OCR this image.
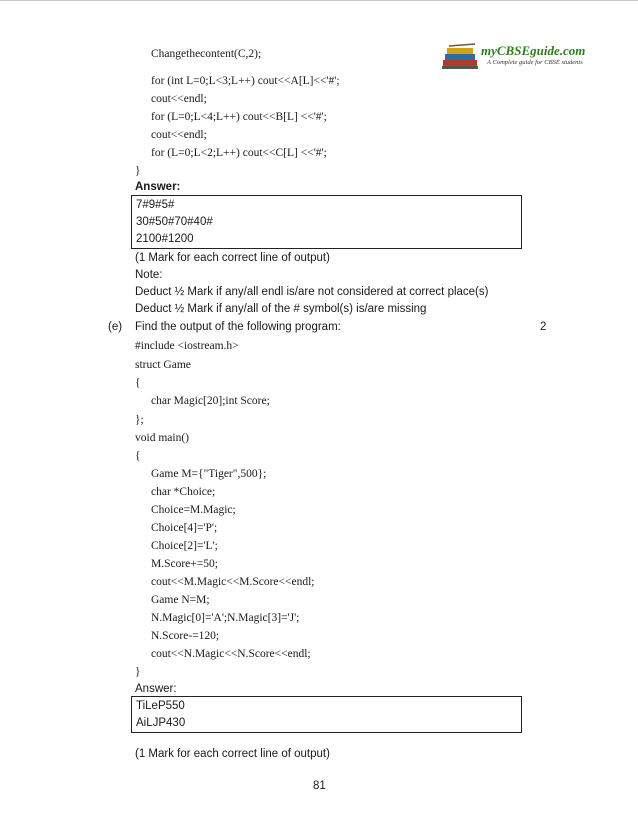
myCBSEguide.com
A Complete guide for CBSE students
Changethecontent(C,2);
for (int L=0;L<3;L++) cout<<A[L]<<'#';
cout<<endl;
for (L=0;L<4;L++) cout<<B[L] <<'#';
cout<<endl;
for (L=0;L<2;L++) cout<<C[L] <<'#';
}
Answer:
7#9#5#
30#50#70#40#
2100#1200
(1 Mark for each correct line of output)
Note:
Deduct ½ Mark if any/all endl is/are not considered at correct place(s)
Deduct ½ Mark if any/all of the # symbol(s) is/are missing
(e) Find the output of the following program:	2
#include <iostream.h>
struct Game
{
char Magic[20];int Score;
};
void main()
{
Game M={"Tiger",500};
char *Choice;
Choice=M.Magic;
Choice[4]='P';
Choice[2]='L';
M.Score+=50;
cout<<M.Magic<<M.Score<<endl;
Game N=M;
N.Magic[0]='A';N.Magic[3]='J';
N.Score-=120;
cout<<N.Magic<<N.Score<<endl;
}
Answer:
TiLeP550
AiLJP430
(1 Mark for each correct line of output)
81
